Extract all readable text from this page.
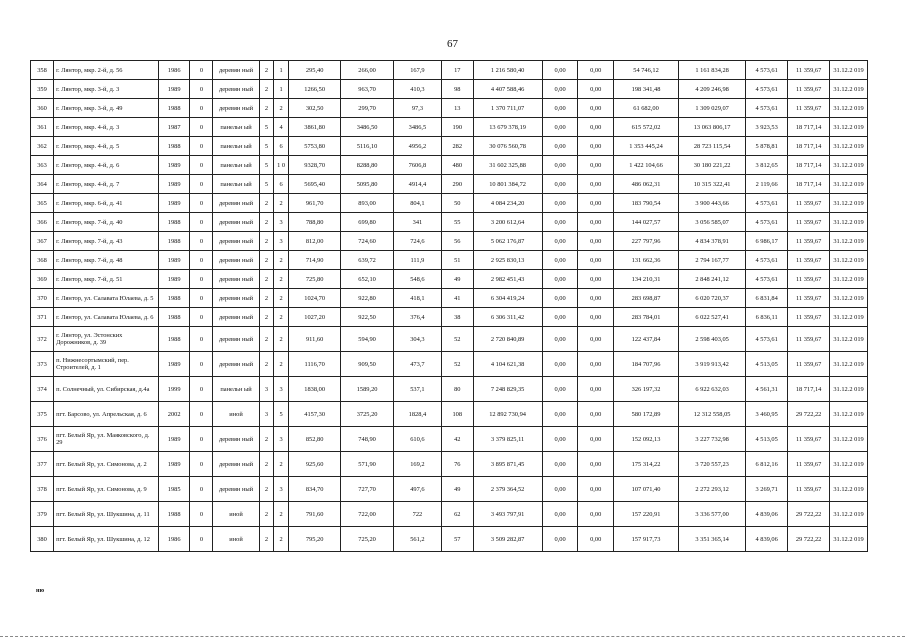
67
358	г. Лянтор, мкр. 2-й, д. 56	1986	0	деревян ный	2	1	295,40	266,00	167,9	17	1 216 580,40	0,00	0,00	54 746,12	1 161 834,28	4 573,61	11 359,67	31.12.2 019
359	г. Лянтор, мкр. 3-й, д. 3	1989	0	деревян ный	2	1	1266,50	963,70	410,3	98	4 407 588,46	0,00	0,00	198 341,48	4 209 246,98	4 573,61	11 359,67	31.12.2 019
360	г. Лянтор, мкр. 3-й, д. 49	1988	0	деревян ный	2	2	302,50	299,70	97,3	13	1 370 711,07	0,00	0,00	61 682,00	1 309 029,07	4 573,61	11 359,67	31.12.2 019
361	г. Лянтор, мкр. 4-й, д. 3	1987	0	панельн ый	5	4	3861,80	3486,50	3486,5	190	13 679 378,19	0,00	0,00	615 572,02	13 063 806,17	3 923,53	18 717,14	31.12.2 019
362	г. Лянтор, мкр. 4-й, д. 5	1988	0	панельн ый	5	6	5753,80	5116,10	4956,2	282	30 076 560,78	0,00	0,00	1 353 445,24	28 723 115,54	5 878,81	18 717,14	31.12.2 019
363	г. Лянтор, мкр. 4-й, д. 6	1989	0	панельн ый	5	1 0	9328,70	8288,80	7606,8	480	31 602 325,88	0,00	0,00	1 422 104,66	30 180 221,22	3 812,65	18 717,14	31.12.2 019
364	г. Лянтор, мкр. 4-й, д. 7	1989	0	панельн ый	5	6	5695,40	5095,80	4914,4	290	10 801 384,72	0,00	0,00	486 062,31	10 315 322,41	2 119,66	18 717,14	31.12.2 019
365	г. Лянтор, мкр. 6-й, д. 41	1989	0	деревян ный	2	2	961,70	893,00	804,1	50	4 084 234,20	0,00	0,00	183 790,54	3 900 443,66	4 573,61	11 359,67	31.12.2 019
366	г. Лянтор, мкр. 7-й, д. 40	1988	0	деревян ный	2	3	788,80	699,80	341	55	3 200 612,64	0,00	0,00	144 027,57	3 056 585,07	4 573,61	11 359,67	31.12.2 019
367	г. Лянтор, мкр. 7-й, д. 43	1988	0	деревян ный	2	3	812,00	724,60	724,6	56	5 062 176,87	0,00	0,00	227 797,96	4 834 378,91	6 986,17	11 359,67	31.12.2 019
368	г. Лянтор, мкр. 7-й, д. 48	1989	0	деревян ный	2	2	714,90	639,72	111,9	51	2 925 830,13	0,00	0,00	131 662,36	2 794 167,77	4 573,61	11 359,67	31.12.2 019
369	г. Лянтор, мкр. 7-й, д. 51	1989	0	деревян ный	2	2	725,80	652,10	548,6	49	2 982 451,43	0,00	0,00	134 210,31	2 848 241,12	4 573,61	11 359,67	31.12.2 019
370	г. Лянтор, ул. Салавата Юлаева, д. 5	1988	0	деревян ный	2	2	1024,70	922,80	418,1	41	6 304 419,24	0,00	0,00	283 698,87	6 020 720,37	6 831,84	11 359,67	31.12.2 019
371	г. Лянтор, ул. Салавата Юлаева, д. 6	1988	0	деревян ный	2	2	1027,20	922,50	376,4	38	6 306 311,42	0,00	0,00	283 784,01	6 022 527,41	6 836,11	11 359,67	31.12.2 019
372	г. Лянтор, ул. Эстонских Дорожников, д. 39	1988	0	деревян ный	2	2	911,60	594,90	304,3	52	2 720 840,89	0,00	0,00	122 437,84	2 598 403,05	4 573,61	11 359,67	31.12.2 019
373	п. Нижнесортымский, пер. Строителей, д. 1	1989	0	деревян ный	2	2	1116,70	909,50	473,7	52	4 104 621,38	0,00	0,00	184 707,96	3 919 913,42	4 513,05	11 359,67	31.12.2 019
374	п. Солнечный, ул. Сибирская, д.4а	1999	0	панельн ый	3	3	1838,00	1589,20	537,1	80	7 248 829,35	0,00	0,00	326 197,32	6 922 632,03	4 561,31	18 717,14	31.12.2 019
375	пгт. Барсово, ул. Апрельская, д. 6	2002	0	иной	3	5	4157,30	3725,20	1828,4	108	12 892 730,94	0,00	0,00	580 172,89	12 312 558,05	3 460,95	29 722,22	31.12.2 019
376	пгт. Белый Яр, ул. Маяковского, д. 29	1989	0	деревян ный	2	3	852,80	748,90	610,6	42	3 379 825,11	0,00	0,00	152 092,13	3 227 732,98	4 513,05	11 359,67	31.12.2 019
377	пгт. Белый Яр, ул. Симонова, д. 2	1989	0	деревян ный	2	2	925,60	571,90	169,2	76	3 895 871,45	0,00	0,00	175 314,22	3 720 557,23	6 812,16	11 359,67	31.12.2 019
378	пгт. Белый Яр, ул. Симонова, д. 9	1985	0	деревян ный	2	3	834,70	727,70	497,6	49	2 379 364,52	0,00	0,00	107 071,40	2 272 293,12	3 269,71	11 359,67	31.12.2 019
379	пгт. Белый Яр, ул. Шукшина, д. 11	1988	0	иной	2	2	791,60	722,00	722	62	3 493 797,91	0,00	0,00	157 220,91	3 336 577,00	4 839,06	29 722,22	31.12.2 019
380	пгт. Белый Яр, ул. Шукшина, д. 12	1986	0	иной	2	2	795,20	725,20	561,2	57	3 509 282,87	0,00	0,00	157 917,73	3 351 365,14	4 839,06	29 722,22	31.12.2 019
ню
